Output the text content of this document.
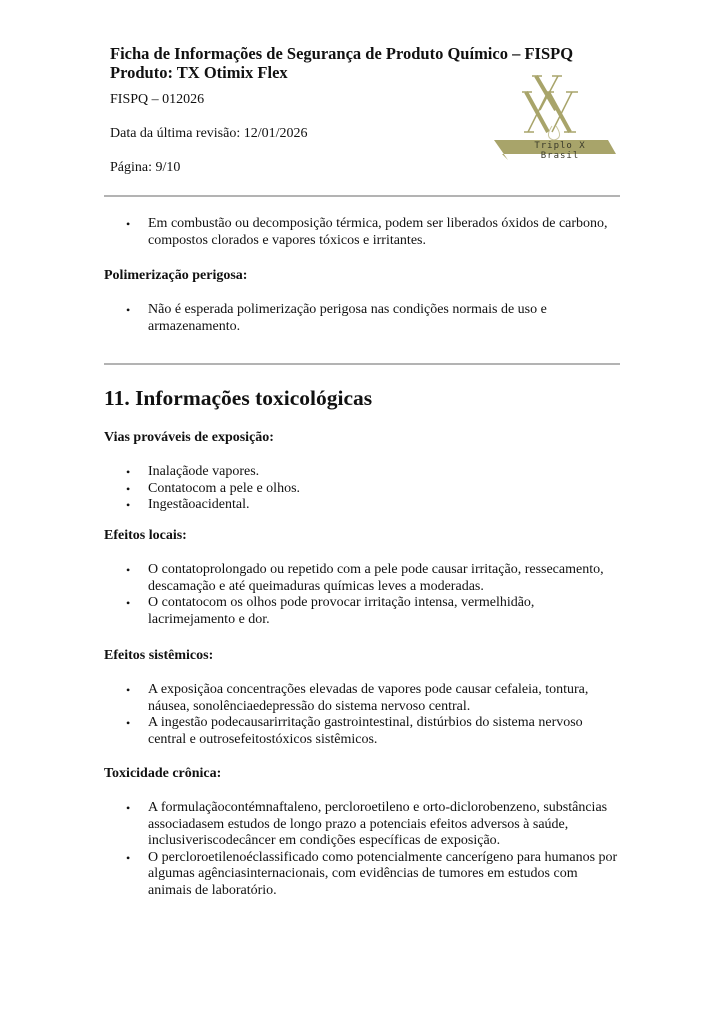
Ficha de Informações de Segurança de Produto Químico – FISPQ

Produto: TX Otimix Flex

FISPQ – 012026
Data da última revisão: 12/01/2026
Página: 9/10
Triplo X Brasil
• Em combustão ou decomposição térmica, podem ser liberados óxidos de carbono, compostos clorados e vapores tóxicos e irritantes.

Polimerização perigosa:

• Não é esperada polimerização perigosa nas condições normais de uso e armazenamento.
11. Informações toxicológicas

Vias prováveis de exposição:

• Inalaçãode vapores.
• Contatocom a pele e olhos.
• Ingestãoacidental.

Efeitos locais:

• O contatoprolongado ou repetido com a pele pode causar irritação, ressecamento, descamação e até queimaduras químicas leves a moderadas.
• O contatocom os olhos pode provocar irritação intensa, vermelhidão, lacrimejamento e dor.

Efeitos sistêmicos:

• A exposiçãoa concentrações elevadas de vapores pode causar cefaleia, tontura, náusea, sonolênciaedepressão do sistema nervoso central.
• A ingestão podecausarirritação gastrointestinal, distúrbios do sistema nervoso central e outrosefeitostóxicos sistêmicos.

Toxicidade crônica:

• A formulaçãocontémnaftaleno, percloroetileno e orto-diclorobenzeno, substâncias associadasem estudos de longo prazo a potenciais efeitos adversos à saúde, inclusiveriscodecâncer em condições específicas de exposição.
• O percloroetilenoéclassificado como potencialmente cancerígeno para humanos por algumas agênciasinternacionais, com evidências de tumores em estudos com animais de laboratório.
